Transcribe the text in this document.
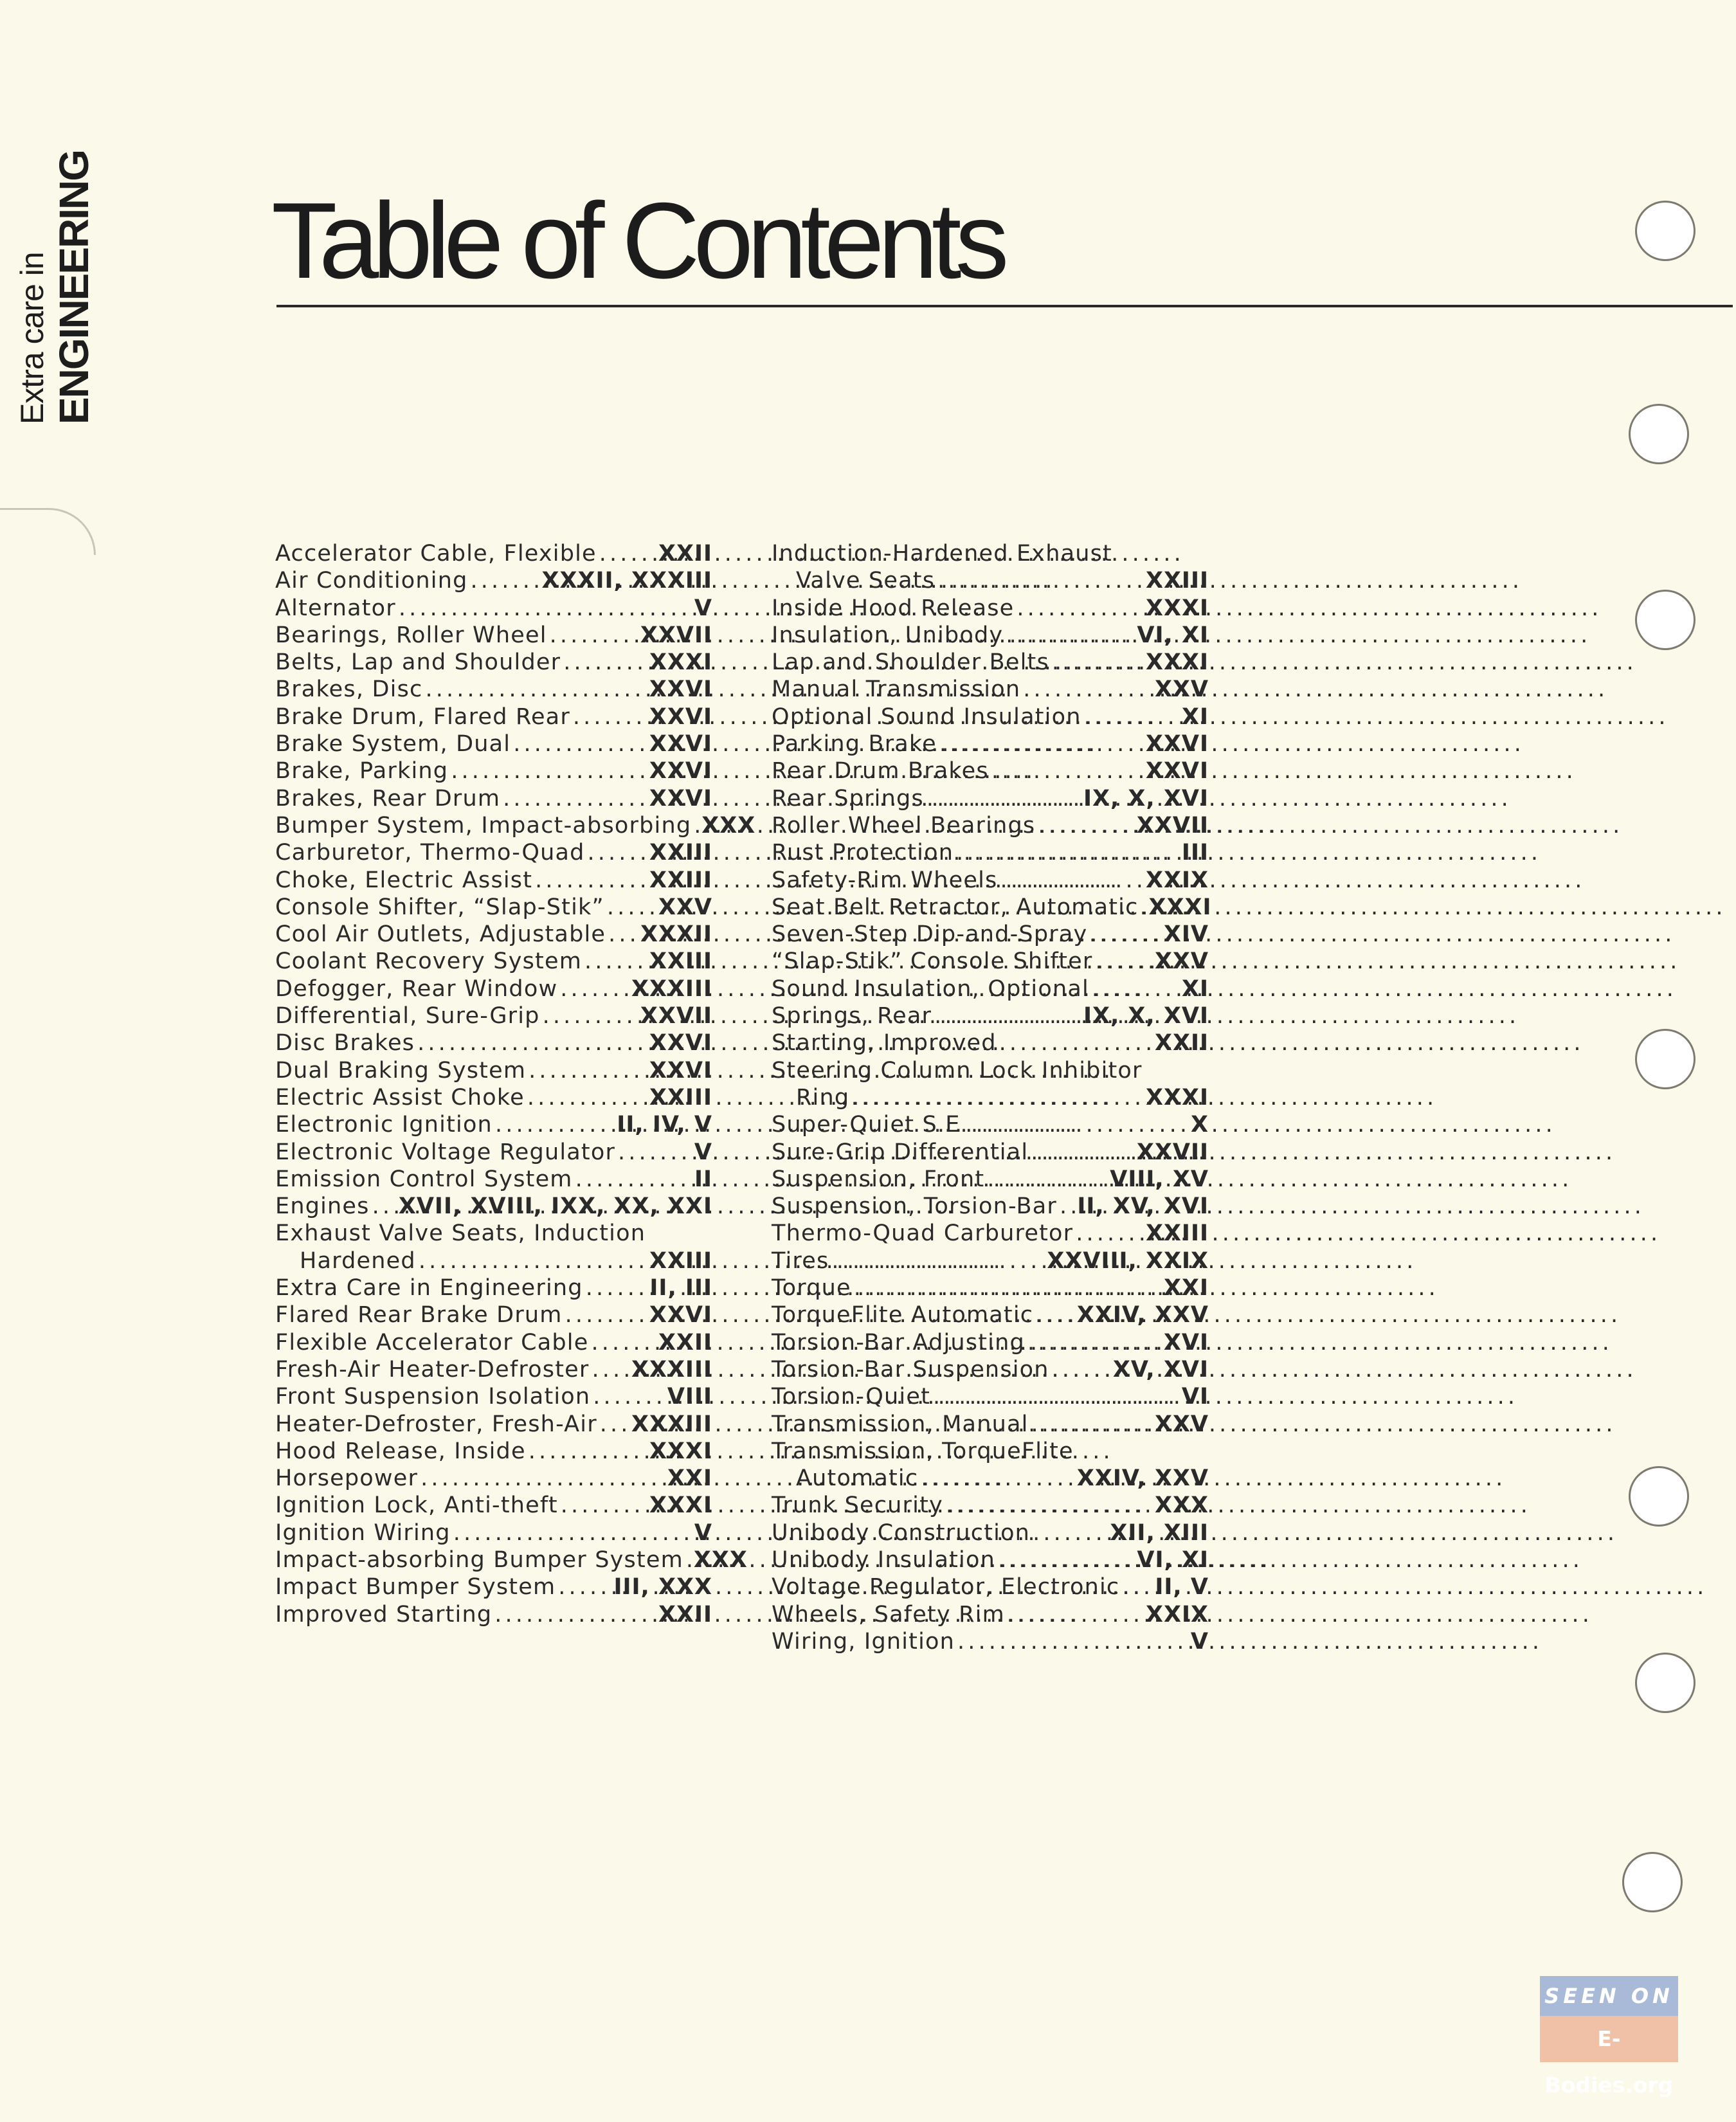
Extra care in ENGINEERING Table of Contents
Accelerator Cable, Flexible . . .	XXII
Air Conditioning . . .	XXXII, XXXIII
Alternator . . .	V
Bearings, Roller Wheel . . .	XXVII
Belts, Lap and Shoulder . . .	XXXI
Brakes, Disc . . .	XXVI
Brake Drum, Flared Rear . . .	XXVI
Brake System, Dual . . .	XXVI
Brake, Parking . . .	XXVI
Brakes, Rear Drum . . .	XXVI
Bumper System, Impact-absorbing . . . XXX
Carburetor, Thermo-Quad . . .	XXIII
Choke, Electric Assist . . .	XXIII
Console Shifter, “Slap-Stik” . . . XXV
Cool Air Outlets, Adjustable . . . XXXII
Coolant Recovery System . . .	XXIII
Defogger, Rear Window . . .	XXXIII
Differential, Sure-Grip . . .	XXVII
Disc Brakes . . .	XXVI
Dual Braking System . . .	XXVI
Electric Assist Choke . . .	XXIII
Electronic Ignition . . .	II, IV, V
Electronic Voltage Regulator . . .	V
Emission Control System . . .	II
Engines . . . XVII, XVIII, IXX, XX, XXI
Exhaust Valve Seats, Induction
Hardened . . .	XXIII
Extra Care in Engineering . . .	II, III
Flared Rear Brake Drum . . .	XXVI
Flexible Accelerator Cable . . .	XXII
Fresh-Air Heater-Defroster . . . XXXIII
Front Suspension Isolation . . .	VIII
Heater-Defroster, Fresh-Air . . . XXXIII
Hood Release, Inside . . .	XXXI
Horsepower . . .	XXI
Ignition Lock, Anti-theft . . .	XXXI
Ignition Wiring . . .	V
Impact-absorbing Bumper System . . . XXX
Impact Bumper System . . .	III, XXX
Improved Starting . . .	XXII
Induction-Hardened Exhaust
Valve Seats . . .	XXIII
Inside Hood Release . . .	XXXI
Insulation, Unibody . . .	VI, XI
Lap and Shoulder Belts . . .	XXXI
Manual Transmission . . .	XXV
Optional Sound Insulation . . .	XI
Parking Brake . . .	XXVI
Rear Drum Brakes . . .	XXVI
Rear Springs . . .	IX, X, XVI
Roller Wheel Bearings . . .	XXVII
Rust Protection . . .	III
Safety-Rim Wheels . . .	XXIX
Seat Belt Retractor, Automatic . . . XXXI
Seven-Step Dip-and-Spray . . .	XIV
“Slap-Stik” Console Shifter . . .	XXV
Sound Insulation, Optional . . .	XI
Springs, Rear . . .	IX, X, XVI
Starting, Improved . . .	XXII
Steering Column Lock Inhibitor
Ring . . .	XXXI
Super-Quiet S.E. . . .	X
Sure-Grip Differential . . .	XXVII
Suspension, Front . . .	VIII, XV
Suspension, Torsion-Bar . . . II, XV, XVI
Thermo-Quad Carburetor . . .	XXIII
Tires . . .	XXVIII, XXIX
Torque . . .	XXI
TorqueFlite Automatic . . . XXIV, XXV
Torsion-Bar Adjusting . . .	XVI
Torsion-Bar Suspension . . .	XV, XVI
Torsion-Quiet . . .	VI
Transmission, Manual . . .	XXV
Transmission, TorqueFlite
Automatic . . .	XXIV, XXV
Trunk Security . . .	XXX
Unibody Construction . . .	XII, XIII
Unibody Insulation . . .	VI, XI
Voltage Regulator, Electronic . . . II, V
Wheels, Safety Rim . . .	XXIX
Wiring, Ignition . . .	V
SEEN ON
E-Bodies.org
